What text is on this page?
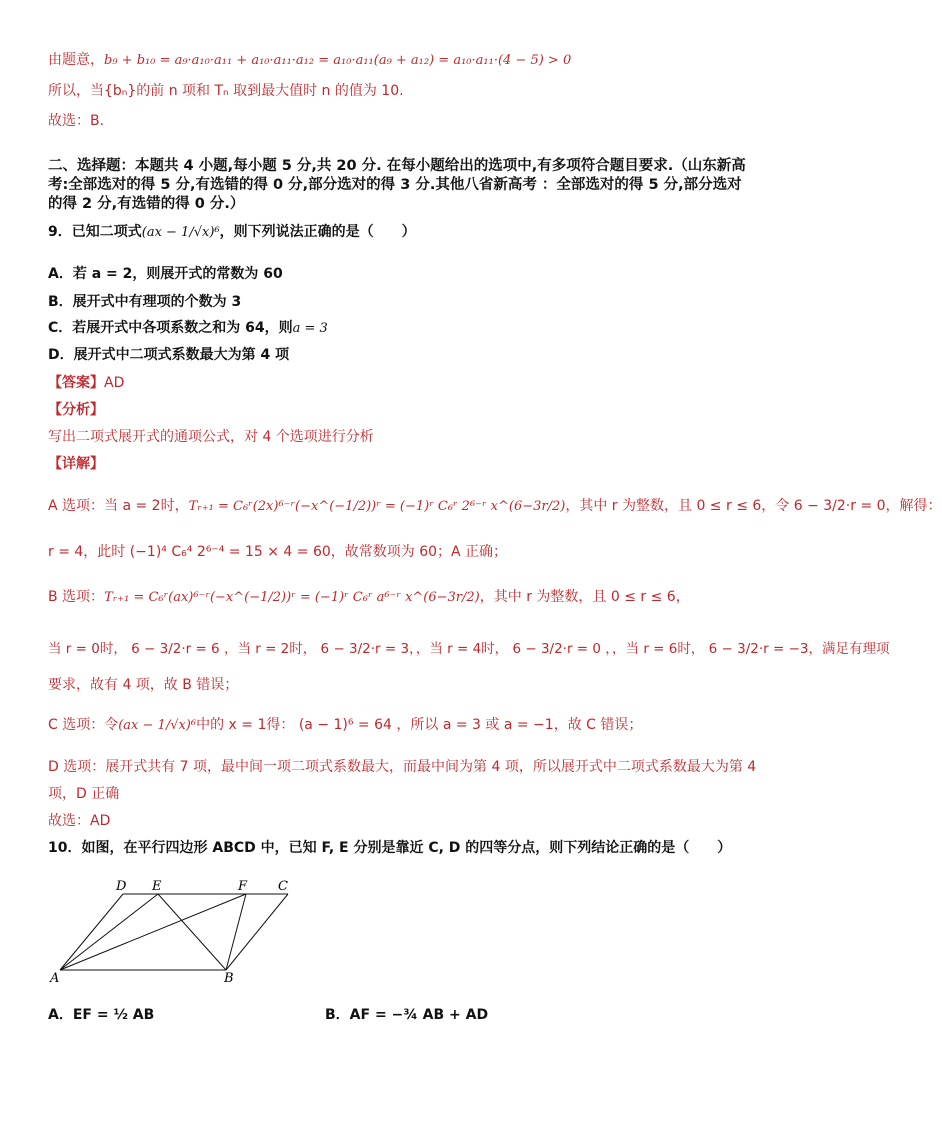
由题意，b₉ + b₁₀ = a₉·a₁₀·a₁₁ + a₁₀·a₁₁·a₁₂ = a₁₀·a₁₁(a₉ + a₁₂) = a₁₀·a₁₁·(4 − 5) > 0
所以，当{bₙ}的前 n 项和 Tₙ 取到最大值时 n 的值为 10.
故选：B.
二、选择题：本题共 4 小题,每小题 5 分,共 20 分. 在每小题给出的选项中,有多项符合题目要求.（山东新高
考:全部选对的得 5 分,有选错的得 0 分,部分选对的得 3 分.其他八省新高考 ：全部选对的得 5 分,部分选对
的得 2 分,有选错的得 0 分.）
9．已知二项式(ax − 1/√x)⁶，则下列说法正确的是（　　）
A．若 a = 2，则展开式的常数为 60
B．展开式中有理项的个数为 3
C．若展开式中各项系数之和为 64，则a = 3
D．展开式中二项式系数最大为第 4 项
【答案】AD
【分析】
写出二项式展开式的通项公式，对 4 个选项进行分析
【详解】
A 选项：当 a = 2时，Tᵣ₊₁ = C₆ʳ(2x)⁶⁻ʳ(−x^(−1/2))ʳ = (−1)ʳ C₆ʳ 2⁶⁻ʳ x^(6−3r/2)，其中 r 为整数，且 0 ≤ r ≤ 6，令 6 − 3/2·r = 0，解得：
r = 4，此时 (−1)⁴ C₆⁴ 2⁶⁻⁴ = 15 × 4 = 60，故常数项为 60；A 正确；
B 选项：Tᵣ₊₁ = C₆ʳ(ax)⁶⁻ʳ(−x^(−1/2))ʳ = (−1)ʳ C₆ʳ a⁶⁻ʳ x^(6−3r/2)，其中 r 为整数，且 0 ≤ r ≤ 6，
当 r = 0时， 6 − 3/2·r = 6 ，当 r = 2时， 6 − 3/2·r = 3，，当 r = 4时， 6 − 3/2·r = 0 ，，当 r = 6时， 6 − 3/2·r = −3，满足有理项
要求，故有 4 项，故 B 错误；
C 选项：令(ax − 1/√x)⁶中的 x = 1得： (a − 1)⁶ = 64 ，所以 a = 3 或 a = −1，故 C 错误；
D 选项：展开式共有 7 项，最中间一项二项式系数最大，而最中间为第 4 项，所以展开式中二项式系数最大为第 4
项，D 正确
故选：AD
10．如图，在平行四边形 ABCD 中，已知 F, E 分别是靠近 C, D 的四等分点，则下列结论正确的是（　　）
D E	F C
A	B
A．EF = ½ AB	B．AF = −¾ AB + AD
